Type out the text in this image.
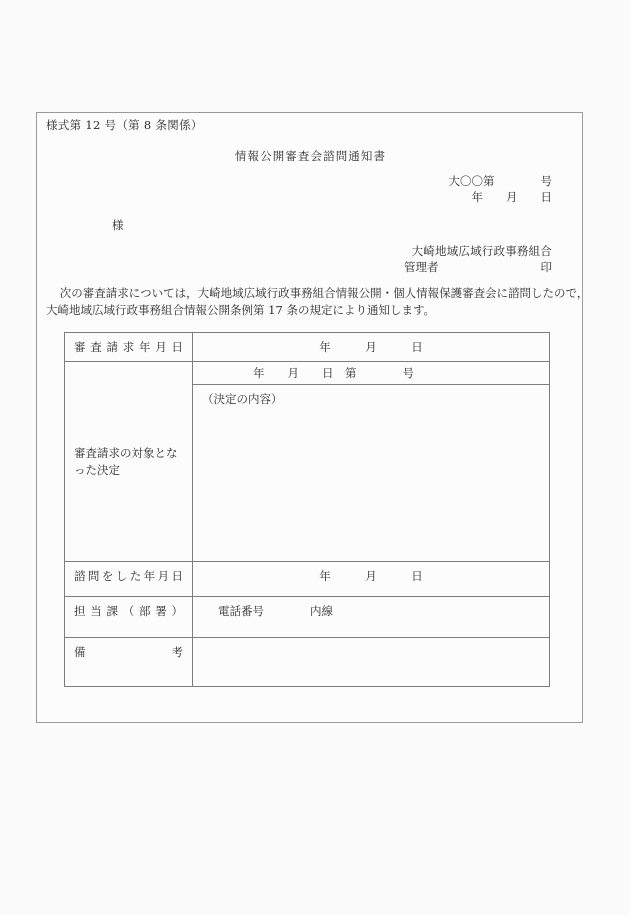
様式第 12 号（第 8 条関係）
情報公開審査会諮問通知書
大〇〇第　　　　号
年　　月　　日
様
大崎地域広域行政事務組合
管理者	印
次の審査請求については，大崎地域広域行政事務組合情報公開・個人情報保護審査会に諮問したので，
大崎地域広域行政事務組合情報公開条例第 17 条の規定により通知します。
審査請求年月日	年　　　月　　　日

審査請求の対象となった決定	年　　月　　日　第　　　　号

	（決定の内容）

諮問をした年月日	年　　　月　　　日

担当課（部署）	電話番号　　　　内線

備考	
